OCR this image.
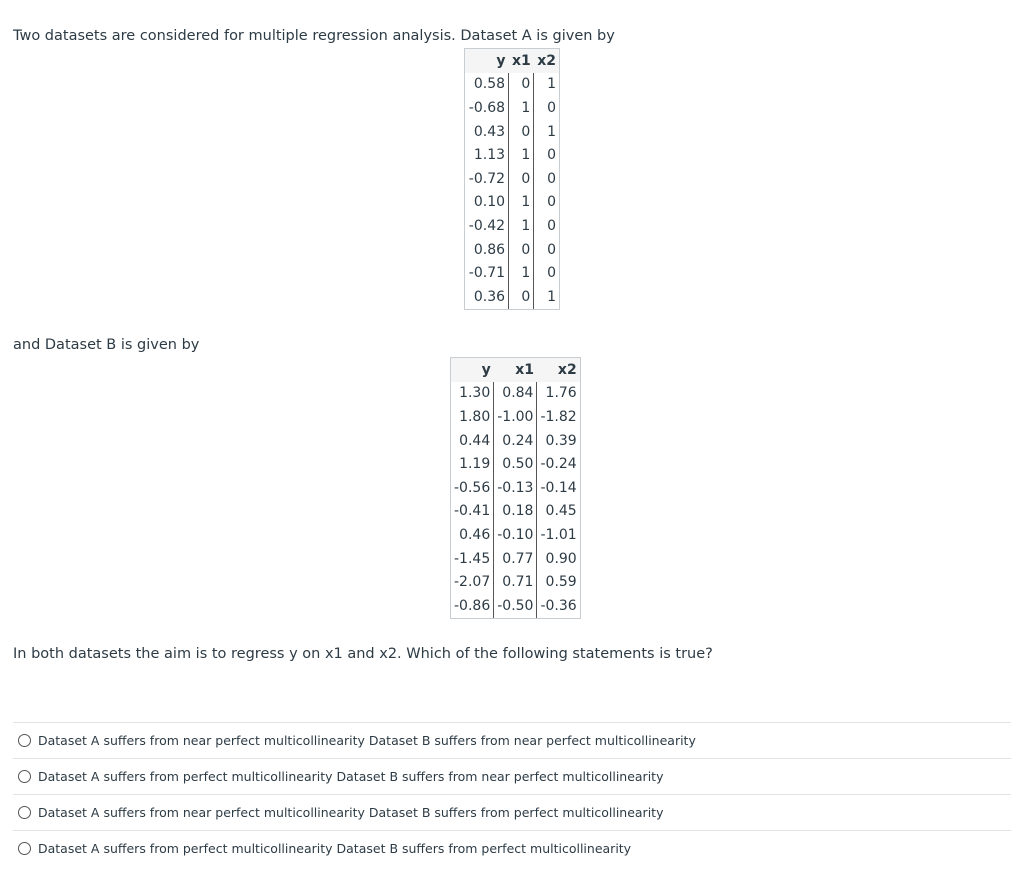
Two datasets are considered for multiple regression analysis. Dataset A is given by
y	x1	x2
0.58	0	1
-0.68	1	0
0.43	0	1
1.13	1	0
-0.72	0	0
0.10	1	0
-0.42	1	0
0.86	0	0
-0.71	1	0
0.36	0	1
and Dataset B is given by
y	x1	x2
1.30	0.84	1.76
1.80	-1.00	-1.82
0.44	0.24	0.39
1.19	0.50	-0.24
-0.56	-0.13	-0.14
-0.41	0.18	0.45
0.46	-0.10	-1.01
-1.45	0.77	0.90
-2.07	0.71	0.59
-0.86	-0.50	-0.36
In both datasets the aim is to regress y on x1 and x2. Which of the following statements is true?
Dataset A suffers from near perfect multicollinearity Dataset B suffers from near perfect multicollinearity
Dataset A suffers from perfect multicollinearity Dataset B suffers from near perfect multicollinearity
Dataset A suffers from near perfect multicollinearity Dataset B suffers from perfect multicollinearity
Dataset A suffers from perfect multicollinearity Dataset B suffers from perfect multicollinearity
